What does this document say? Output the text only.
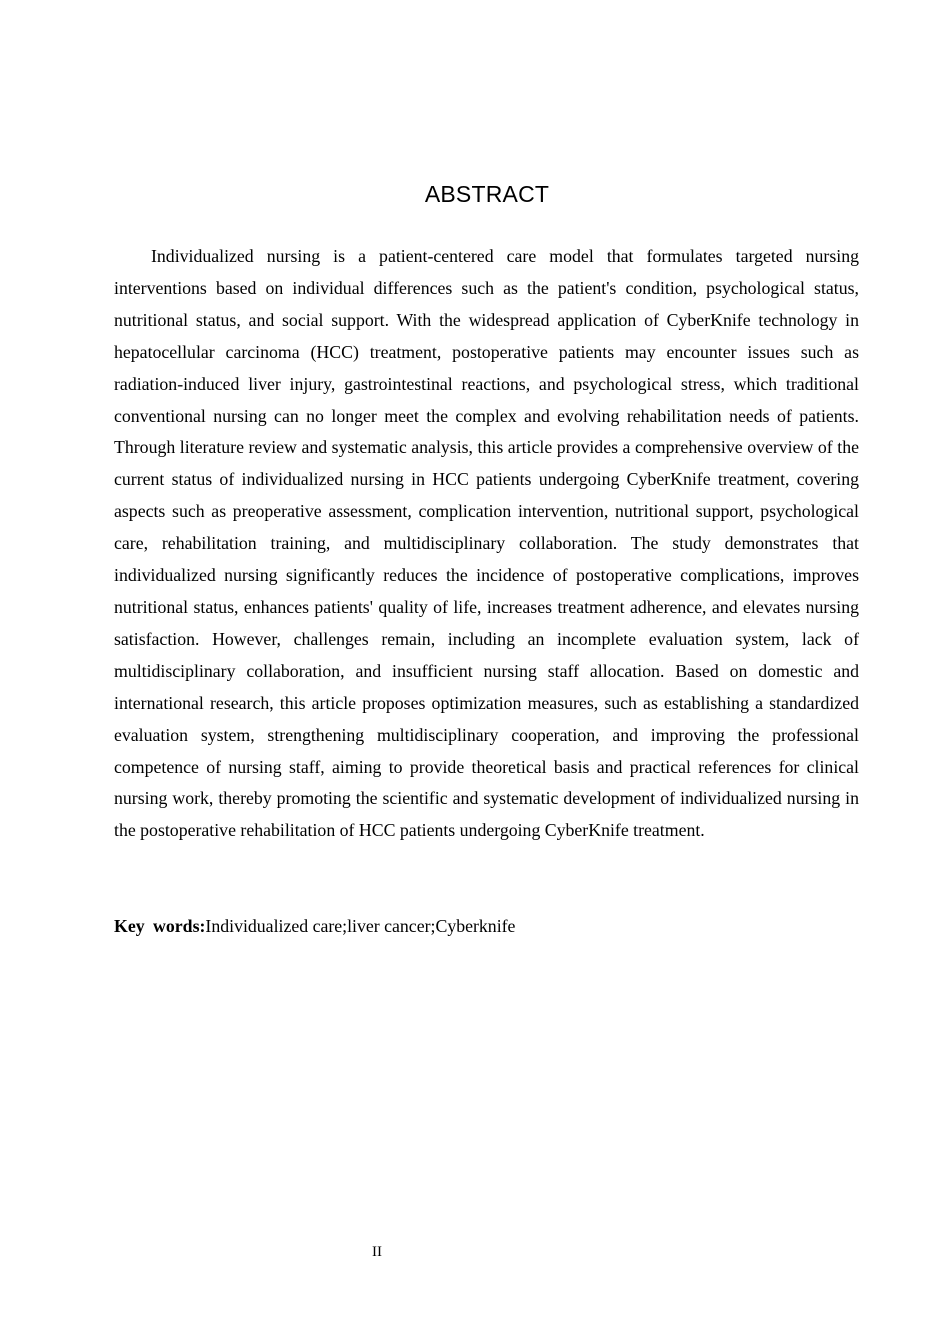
ABSTRACT

Individualized nursing is a patient-centered care model that formulates targeted nursing interventions based on individual differences such as the patient's condition, psychological status, nutritional status, and social support. With the widespread application of CyberKnife technology in hepatocellular carcinoma (HCC) treatment, postoperative patients may encounter issues such as radiation-induced liver injury, gastrointestinal reactions, and psychological stress, which traditional conventional nursing can no longer meet the complex and evolving rehabilitation needs of patients. Through literature review and systematic analysis, this article provides a comprehensive overview of the current status of individualized nursing in HCC patients undergoing CyberKnife treatment, covering aspects such as preoperative assessment, complication intervention, nutritional support, psychological care, rehabilitation training, and multidisciplinary collaboration. The study demonstrates that individualized nursing significantly reduces the incidence of postoperative complications, improves nutritional status, enhances patients' quality of life, increases treatment adherence, and elevates nursing satisfaction. However, challenges remain, including an incomplete evaluation system, lack of multidisciplinary collaboration, and insufficient nursing staff allocation. Based on domestic and international research, this article proposes optimization measures, such as establishing a standardized evaluation system, strengthening multidisciplinary cooperation, and improving the professional competence of nursing staff, aiming to provide theoretical basis and practical references for clinical nursing work, thereby promoting the scientific and systematic development of individualized nursing in the postoperative rehabilitation of HCC patients undergoing CyberKnife treatment.

Key words:Individualized care;liver cancer;Cyberknife

II
